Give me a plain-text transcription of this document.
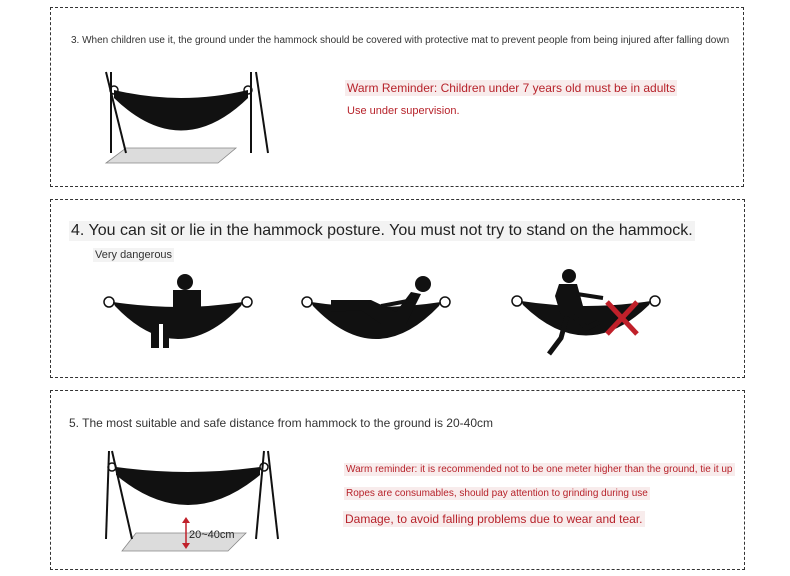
3. When children use it, the ground under the hammock should be covered with protective mat to prevent people from being injured after falling down
Warm Reminder: Children under 7 years old must be in adults
Use under supervision.
4. You can sit or lie in the hammock posture. You must not try to stand on the hammock.
Very dangerous
5. The most suitable and safe distance from hammock to the ground is 20-40cm
20~40cm
Warm reminder: it is recommended not to be one meter higher than the ground, tie it up
Ropes are consumables, should pay attention to grinding during use
Damage, to avoid falling problems due to wear and tear.
